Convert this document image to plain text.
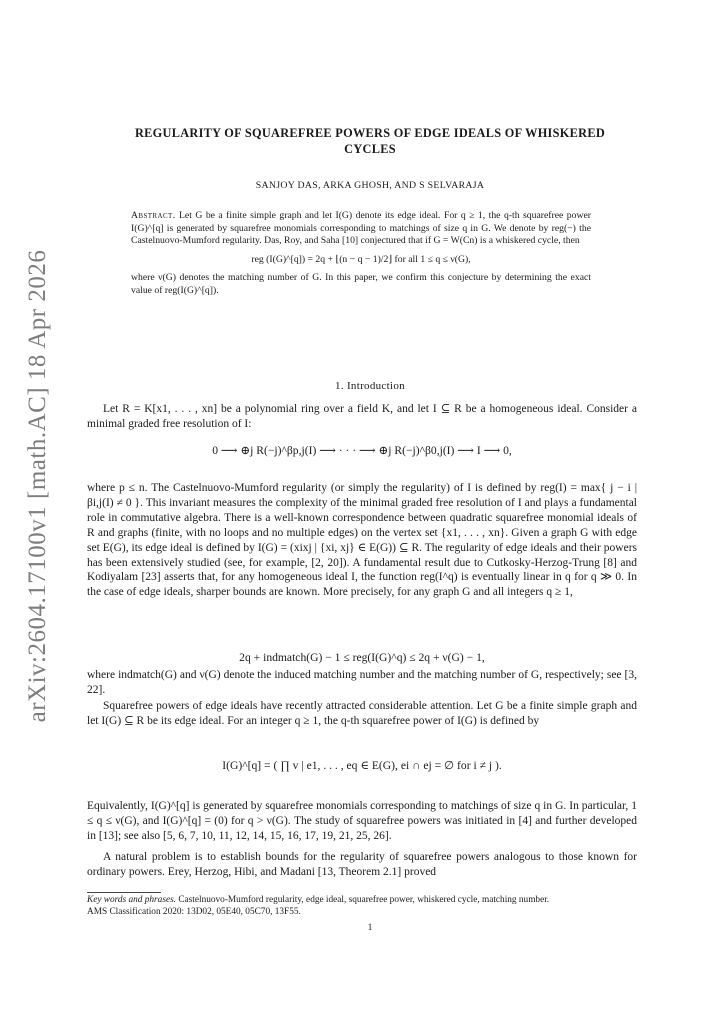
arXiv:2604.17100v1 [math.AC] 18 Apr 2026
REGULARITY OF SQUAREFREE POWERS OF EDGE IDEALS OF WHISKERED
CYCLES
SANJOY DAS, ARKA GHOSH, AND S SELVARAJA
Abstract. Let G be a finite simple graph and let I(G) denote its edge ideal. For q ≥ 1, the q-th squarefree power I(G)^[q] is generated by squarefree monomials corresponding to matchings of size q in G. We denote by reg(−) the Castelnuovo-Mumford regularity. Das, Roy, and Saha [10] conjectured that if G = W(Cn) is a whiskered cycle, then
reg (I(G)^[q]) = 2q + ⌊(n − q − 1)/2⌋ for all 1 ≤ q ≤ ν(G),
where ν(G) denotes the matching number of G. In this paper, we confirm this conjecture by determining the exact value of reg(I(G)^[q]).
1. Introduction
Let R = K[x1, . . . , xn] be a polynomial ring over a field K, and let I ⊆ R be a homogeneous ideal. Consider a minimal graded free resolution of I:
0 ⟶ ⊕j R(−j)^βp,j(I) ⟶ · · · ⟶ ⊕j R(−j)^β0,j(I) ⟶ I ⟶ 0,
where p ≤ n. The Castelnuovo-Mumford regularity (or simply the regularity) of I is defined by reg(I) = max{ j − i | βi,j(I) ≠ 0 }. This invariant measures the complexity of the minimal graded free resolution of I and plays a fundamental role in commutative algebra. There is a well-known correspondence between quadratic squarefree monomial ideals of R and graphs (finite, with no loops and no multiple edges) on the vertex set {x1, . . . , xn}. Given a graph G with edge set E(G), its edge ideal is defined by I(G) = (xixj | {xi, xj} ∈ E(G)) ⊆ R. The regularity of edge ideals and their powers has been extensively studied (see, for example, [2, 20]). A fundamental result due to Cutkosky-Herzog-Trung [8] and Kodiyalam [23] asserts that, for any homogeneous ideal I, the function reg(I^q) is eventually linear in q for q ≫ 0. In the case of edge ideals, sharper bounds are known. More precisely, for any graph G and all integers q ≥ 1,
2q + indmatch(G) − 1 ≤ reg(I(G)^q) ≤ 2q + ν(G) − 1,
where indmatch(G) and ν(G) denote the induced matching number and the matching number of G, respectively; see [3, 22].
Squarefree powers of edge ideals have recently attracted considerable attention. Let G be a finite simple graph and let I(G) ⊆ R be its edge ideal. For an integer q ≥ 1, the q-th squarefree power of I(G) is defined by
I(G)^[q] = ( ∏ v | e1, . . . , eq ∈ E(G), ei ∩ ej = ∅ for i ≠ j ).
Equivalently, I(G)^[q] is generated by squarefree monomials corresponding to matchings of size q in G. In particular, 1 ≤ q ≤ ν(G), and I(G)^[q] = (0) for q > ν(G). The study of squarefree powers was initiated in [4] and further developed in [13]; see also [5, 6, 7, 10, 11, 12, 14, 15, 16, 17, 19, 21, 25, 26].
A natural problem is to establish bounds for the regularity of squarefree powers analogous to those known for ordinary powers. Erey, Herzog, Hibi, and Madani [13, Theorem 2.1] proved
Key words and phrases. Castelnuovo-Mumford regularity, edge ideal, squarefree power, whiskered cycle, matching number.
AMS Classification 2020: 13D02, 05E40, 05C70, 13F55.
1
